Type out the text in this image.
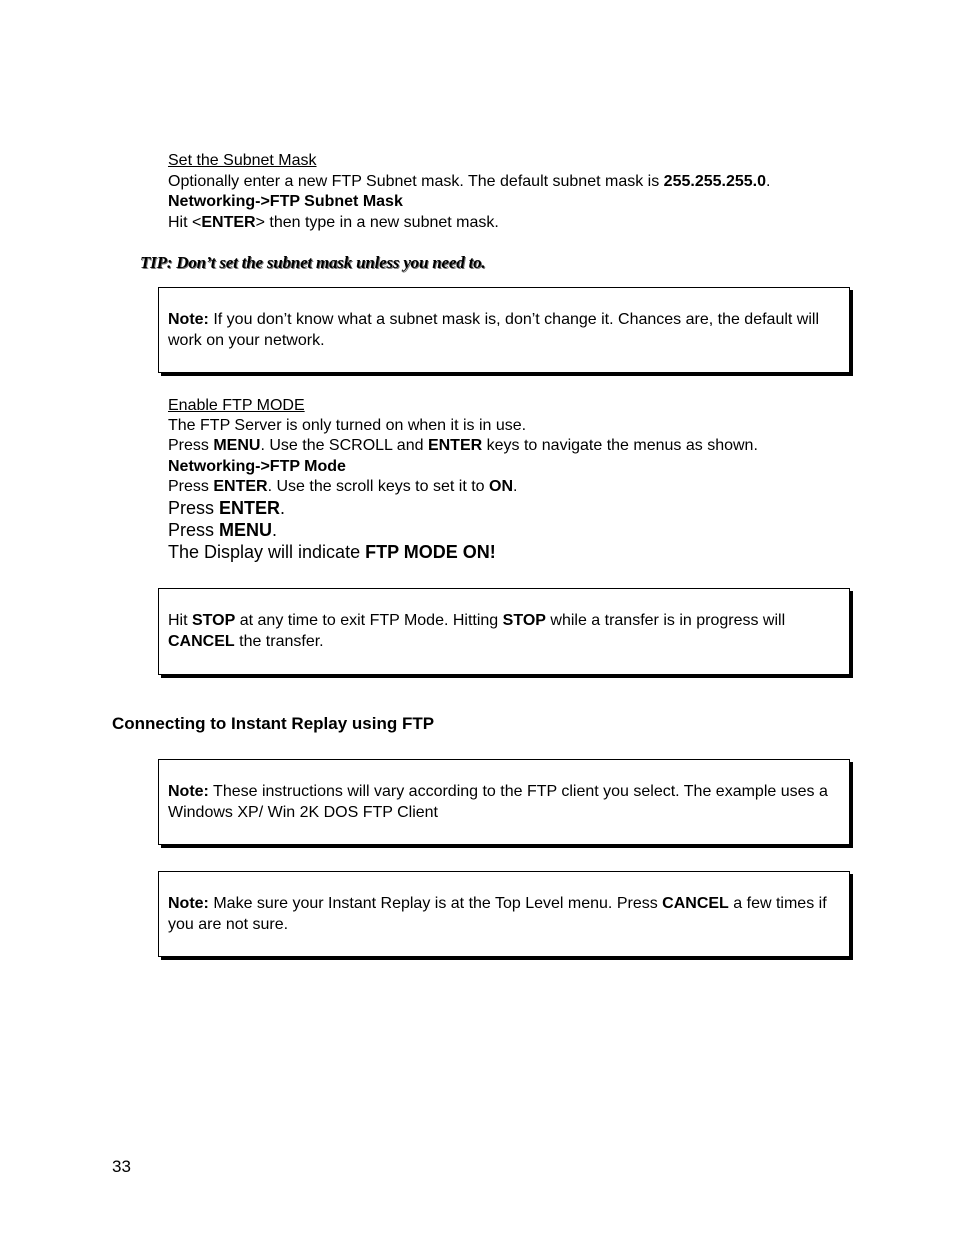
Set the Subnet Mask
Optionally enter a new FTP Subnet mask. The default subnet mask is 255.255.255.0.
Networking->FTP Subnet Mask
Hit <ENTER> then type in a new subnet mask.
TIP: Don’t set the subnet mask unless you need to.
Note: If you don’t know what a subnet mask is, don’t change it. Chances are, the default will work on your network.
Enable FTP MODE
The FTP Server is only turned on when it is in use.
Press MENU. Use the SCROLL and ENTER keys to navigate the menus as shown.
Networking->FTP Mode
Press ENTER. Use the scroll keys to set it to ON.
Press ENTER.
Press MENU.
The Display will indicate FTP MODE ON!
Hit STOP at any time to exit FTP Mode. Hitting STOP while a transfer is in progress will CANCEL the transfer.
Connecting to Instant Replay using FTP
Note: These instructions will vary according to the FTP client you select. The example uses a Windows XP/ Win 2K DOS FTP Client
Note: Make sure your Instant Replay is at the Top Level menu. Press CANCEL a few times if you are not sure.
33
